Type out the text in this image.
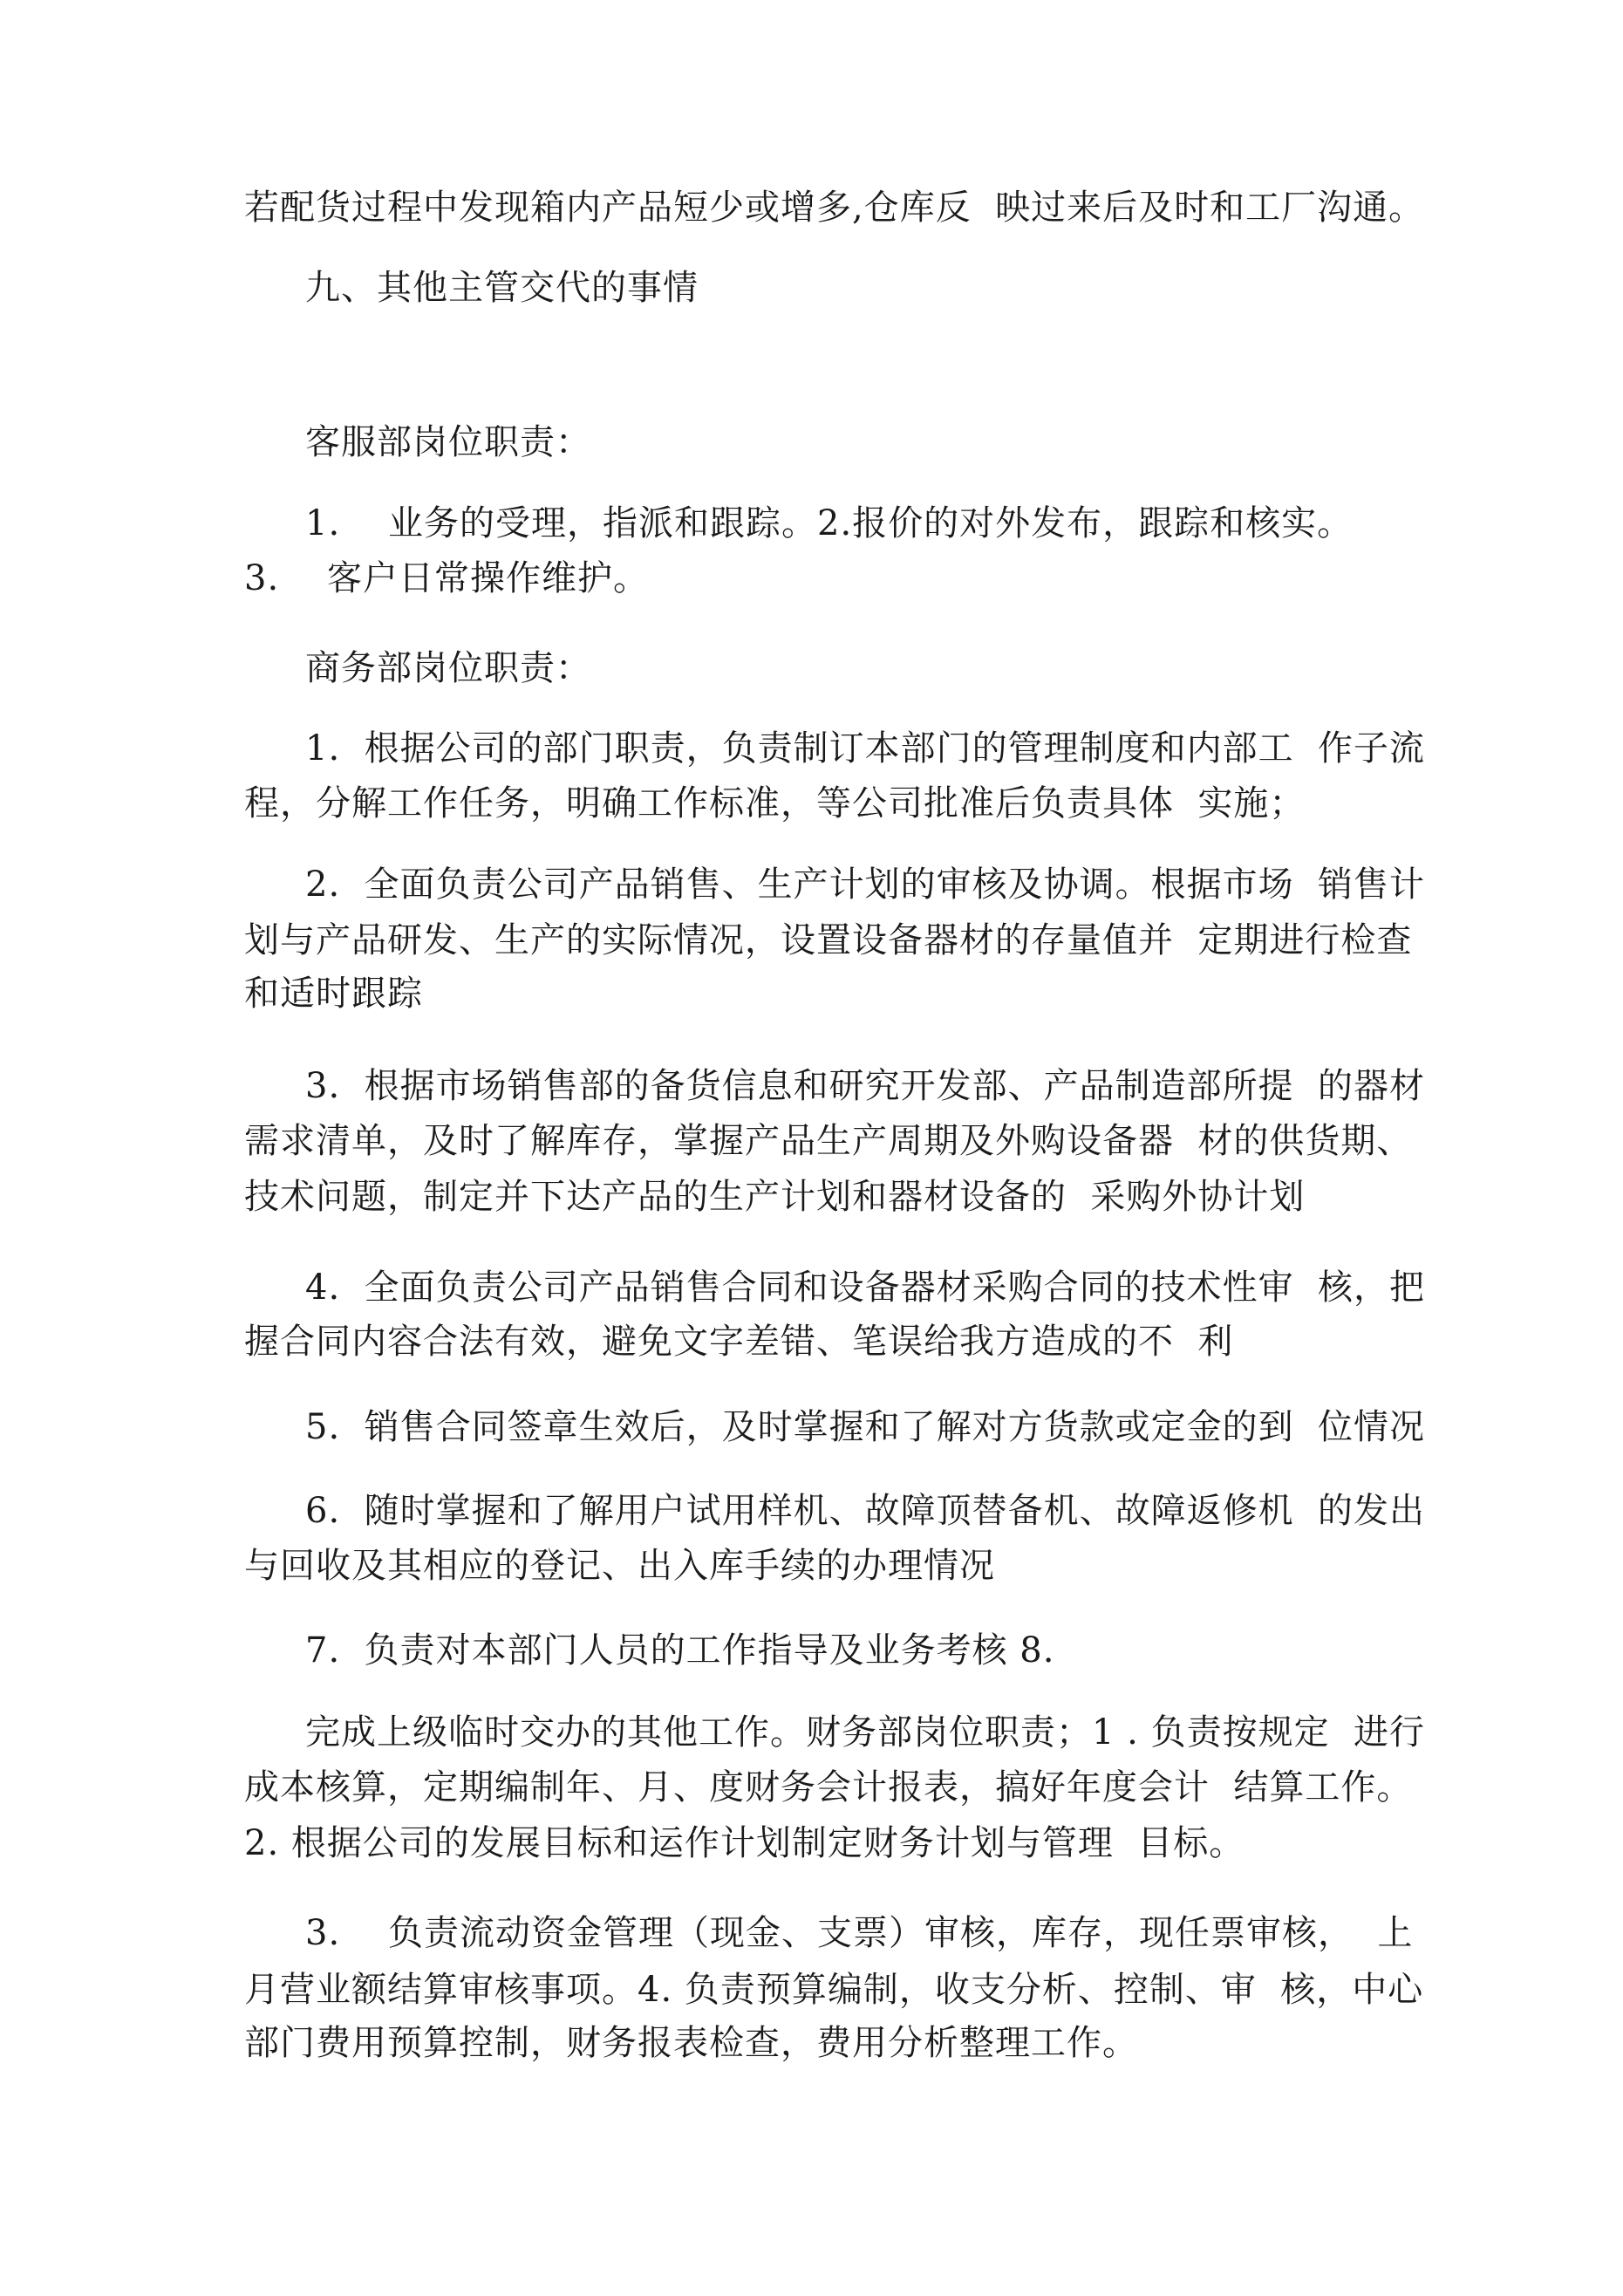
若配货过程中发现箱内产品短少或增多,仓库反  映过来后及时和工厂沟通。
九、其他主管交代的事情
客服部岗位职责：
1.    业务的受理，指派和跟踪。2.报价的对外发布，跟踪和核实。
3.    客户日常操作维护。
商务部岗位职责：
1.  根据公司的部门职责，负责制订本部门的管理制度和内部工  作子流
程，分解工作任务，明确工作标准，等公司批准后负责具体  实施；
2.  全面负责公司产品销售、生产计划的审核及协调。根据市场  销售计
划与产品研发、生产的实际情况，设置设备器材的存量值并  定期进行检查
和适时跟踪
3.  根据市场销售部的备货信息和研究开发部、产品制造部所提  的器材
需求清单，及时了解库存，掌握产品生产周期及外购设备器  材的供货期、
技术问题，制定并下达产品的生产计划和器材设备的  采购外协计划
4.  全面负责公司产品销售合同和设备器材采购合同的技术性审  核，把
握合同内容合法有效，避免文字差错、笔误给我方造成的不  利
5.  销售合同签章生效后，及时掌握和了解对方货款或定金的到  位情况
6.  随时掌握和了解用户试用样机、故障顶替备机、故障返修机  的发出
与回收及其相应的登记、出入库手续的办理情况
7.  负责对本部门人员的工作指导及业务考核 8.
完成上级临时交办的其他工作。财务部岗位职责；1 . 负责按规定  进行
成本核算，定期编制年、月、度财务会计报表，搞好年度会计  结算工作。
2. 根据公司的发展目标和运作计划制定财务计划与管理  目标。
3.    负责流动资金管理（现金、支票）审核，库存，现任票审核，  上
月营业额结算审核事项。4. 负责预算编制，收支分析、控制、审  核，中心
部门费用预算控制，财务报表检查，费用分析整理工作。
